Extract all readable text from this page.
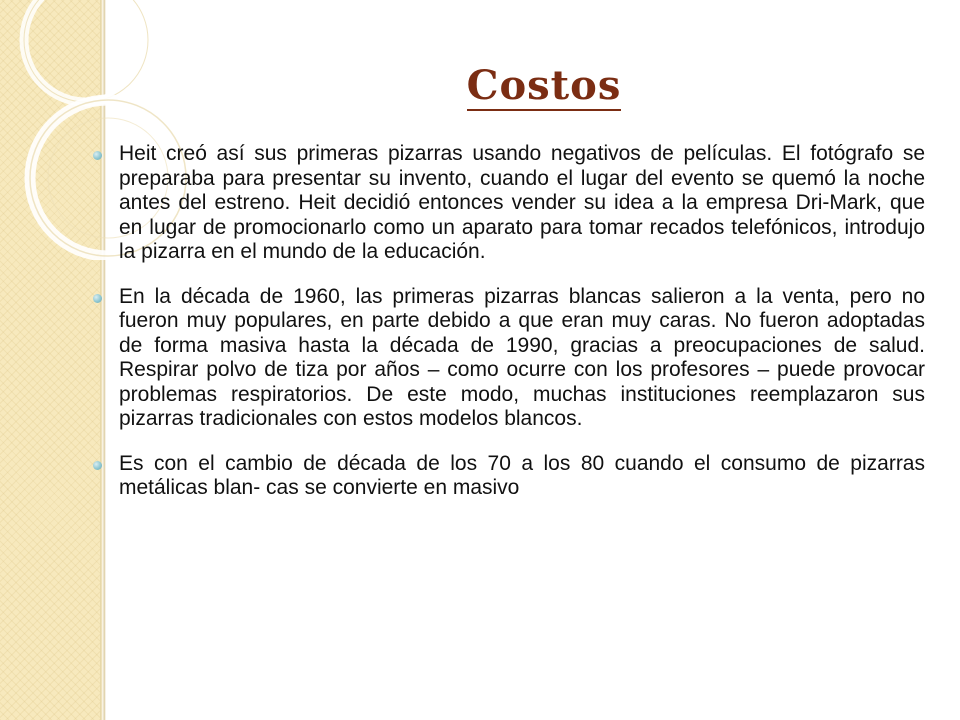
Costos
Heit creó así sus primeras pizarras usando negativos de películas. El fotógrafo se preparaba para presentar su invento, cuando el lugar del evento se quemó la noche antes del estreno. Heit decidió entonces vender su idea a la empresa Dri-Mark, que en lugar de promocionarlo como un aparato para tomar recados telefónicos, introdujo la pizarra en el mundo de la educación.
En la década de 1960, las primeras pizarras blancas salieron a la venta, pero no fueron muy populares, en parte debido a que eran muy caras. No fueron adoptadas de forma masiva hasta la década de 1990, gracias a preocupaciones de salud. Respirar polvo de tiza por años – como ocurre con los profesores – puede provocar problemas respiratorios. De este modo, muchas instituciones reemplazaron sus pizarras tradicionales con estos modelos blancos.
Es con el cambio de década de los 70 a los 80 cuando el consumo de pizarras metálicas blan- cas se convierte en masivo
